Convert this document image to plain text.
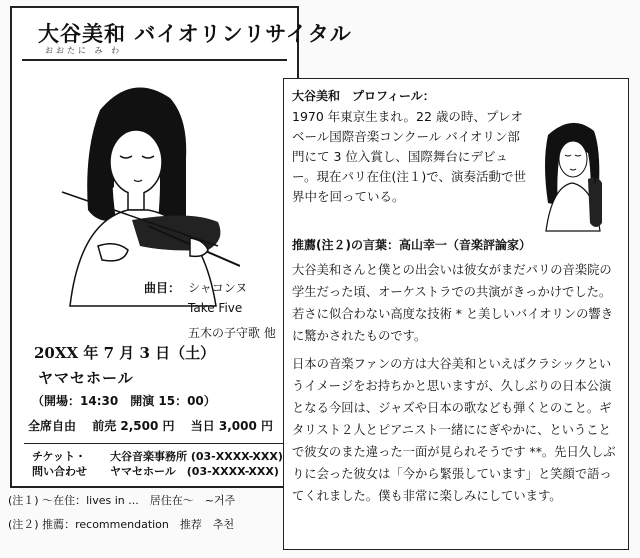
大谷美和 バイオリンリサイタル
おおたに み わ
曲目： シャコンヌ
Take Five
五木の子守歌 他
20XX 年 7 月 3 日（土）
ヤマセホール
（開場：14:30　開演 15：00）
全席自由 前売 2,500 円 当日 3,000 円
チケット・ 大谷音楽事務所 (03-XXXX-XXX)
問い合わせ ヤマセホール　(03-XXXX-XXX)
(注１) ～在住：lives in ...　居住在～　~거주
(注２) 推薦：recommendation　推荐　추천
大谷美和　プロフィール：
1970 年東京生まれ。22 歳の時、プレオベール国際音楽コンクール バイオリン部門にて 3 位入賞し、国際舞台にデビュー。現在パリ在住(注１)で、演奏活動で世界中を回っている。
推薦(注２)の言葉：高山幸一（音楽評論家）
大谷美和さんと僕との出会いは彼女がまだパリの音楽院の学生だった頃、オーケストラでの共演がきっかけでした。若さに似合わない高度な技術 * と美しいバイオリンの響きに驚かされたものです。
日本の音楽ファンの方は大谷美和といえばクラシックというイメージをお持ちかと思いますが、久しぶりの日本公演となる今回は、ジャズや日本の歌なども弾くとのこと。ギタリスト２人とピアニスト一緒ににぎやかに、ということで彼女のまた違った一面が見られそうです **。先日久しぶりに会った彼女は「今から緊張しています」と笑顔で語ってくれました。僕も非常に楽しみにしています。
